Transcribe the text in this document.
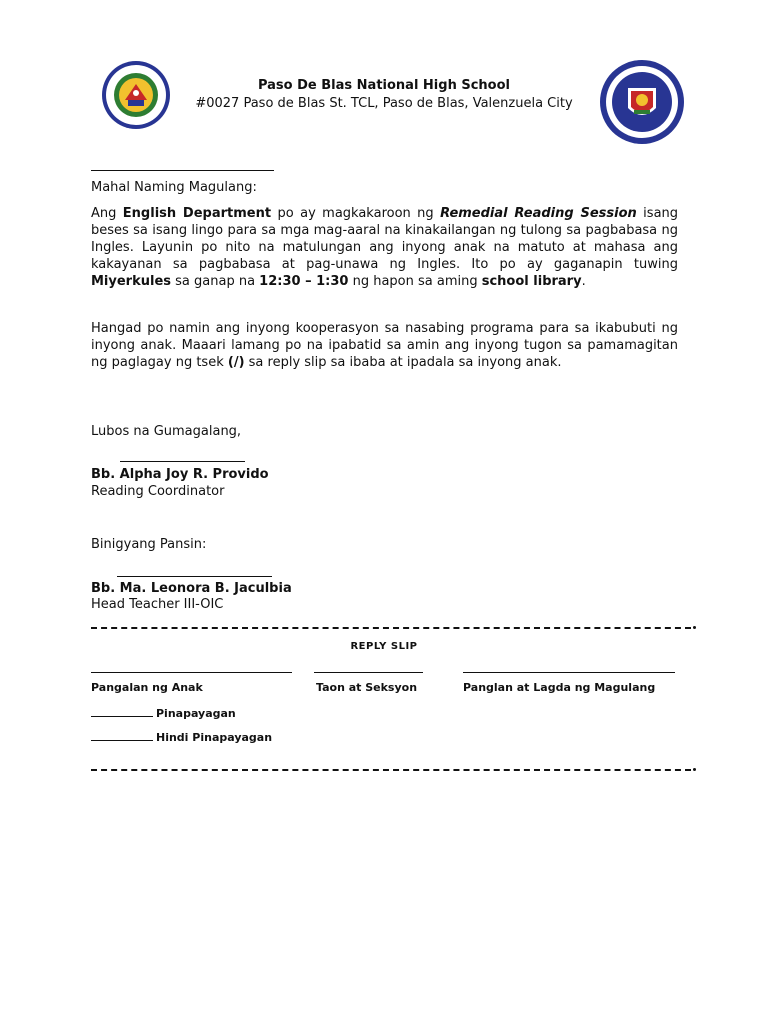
Paso De Blas National High School
#0027 Paso de Blas St. TCL, Paso de Blas, Valenzuela City
Mahal Naming Magulang:
Ang English Department po ay magkakaroon ng Remedial Reading Session isang beses sa isang lingo para sa mga mag-aaral na kinakailangan ng tulong sa pagbabasa ng Ingles. Layunin po nito na matulungan ang inyong anak na matuto at mahasa ang kakayanan sa pagbabasa at pag-unawa ng Ingles. Ito po ay gaganapin tuwing Miyerkules sa ganap na 12:30 – 1:30 ng hapon sa aming school library.
Hangad po namin ang inyong kooperasyon sa nasabing programa para sa ikabubuti ng inyong anak. Maaari lamang po na ipabatid sa amin ang inyong tugon sa pamamagitan ng paglagay ng tsek (/) sa reply slip sa ibaba at ipadala sa inyong anak.
Lubos na Gumagalang,
Bb. Alpha Joy R. Provido
Reading Coordinator
Binigyang Pansin:
Bb. Ma. Leonora B. Jaculbia
Head Teacher III-OIC
REPLY SLIP
Pangalan ng Anak	Taon at Seksyon	Panglan at Lagda ng Magulang
Pinapayagan
Hindi Pinapayagan
